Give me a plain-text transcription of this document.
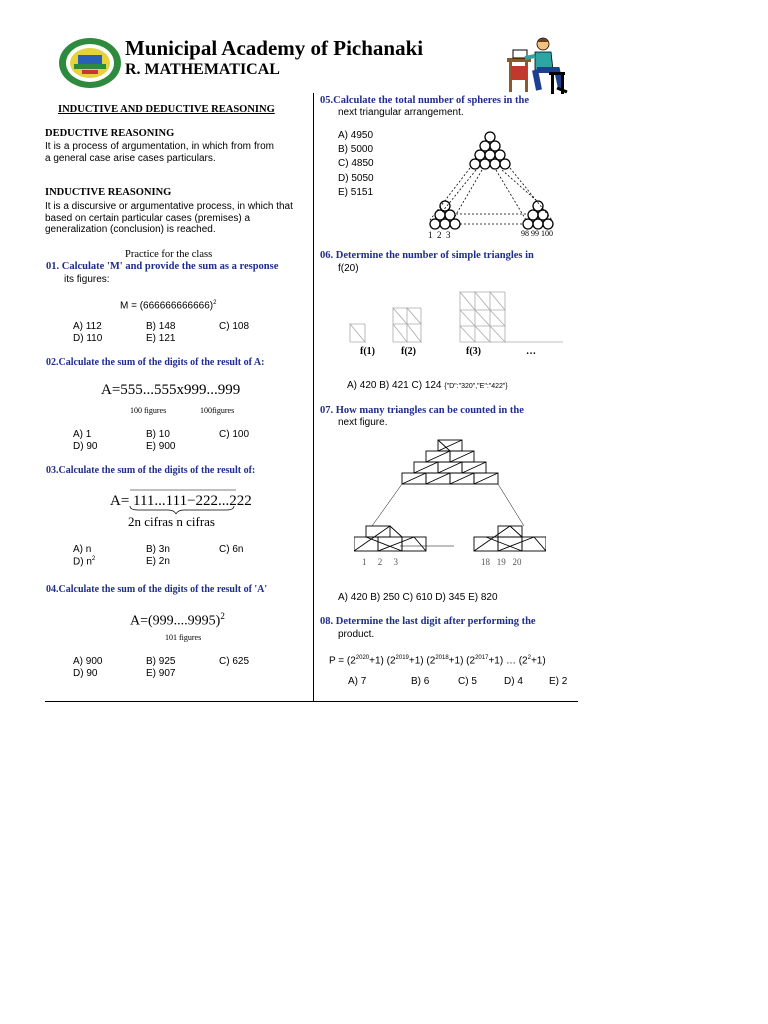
Municipal Academy of Pichanaki
R. MATHEMATICAL
INDUCTIVE AND DEDUCTIVE REASONING
DEDUCTIVE REASONING
It is a process of argumentation, in which from from a general case arise cases particulars.
INDUCTIVE REASONING
It is a discursive or argumentative process, in which that based on certain particular cases (premises) a generalization (conclusion) is reached.
Practice for the class
01. Calculate 'M' and provide the sum as a response
its figures:
$M = (666666666666)^2$
A) 112	B) 148	C) 108
D) 110	E) 121
02.Calculate the sum of the digits of the result of A:
A=555...555x999...999
100 figures	100figures
A) 1	B) 10	C) 100
D) 90	E) 900
03.Calculate the sum of the digits of the result of:
A= 111...111−222...222
2n cifras n cifras
A) n	B) 3n	C) 6n
D) $n^2$	E) 2n
04.Calculate the sum of the digits of the result of 'A'
$A=(999....9995)^2$
101 figures
A) 900	B) 925	C) 625
D) 90	E) 907
05.Calculate the total number of spheres in the
next triangular arrangement.
A) 4950
B) 5000
C) 4850
D) 5050
E) 5151
1  2  3	98 99 100
06. Determine the number of simple triangles in
f(20)
f(1)	f(2)	f(3)	…
A) 420 B) 421 C) 124 {"D":"320","E":"422"}
07. How many triangles can be counted in the
next figure.
1     2     3	18   19   20
A) 420 B) 250 C) 610 D) 345 E) 820
08. Determine the last digit after performing the
product.
$P = (2^{2020}+1)$ $(2^{2019}+1)$ $(2^{2018}+1)$ $(2^{2017}+1)$ … $(2^2+1)$
A) 7	B) 6	C) 5	D) 4	E) 2
